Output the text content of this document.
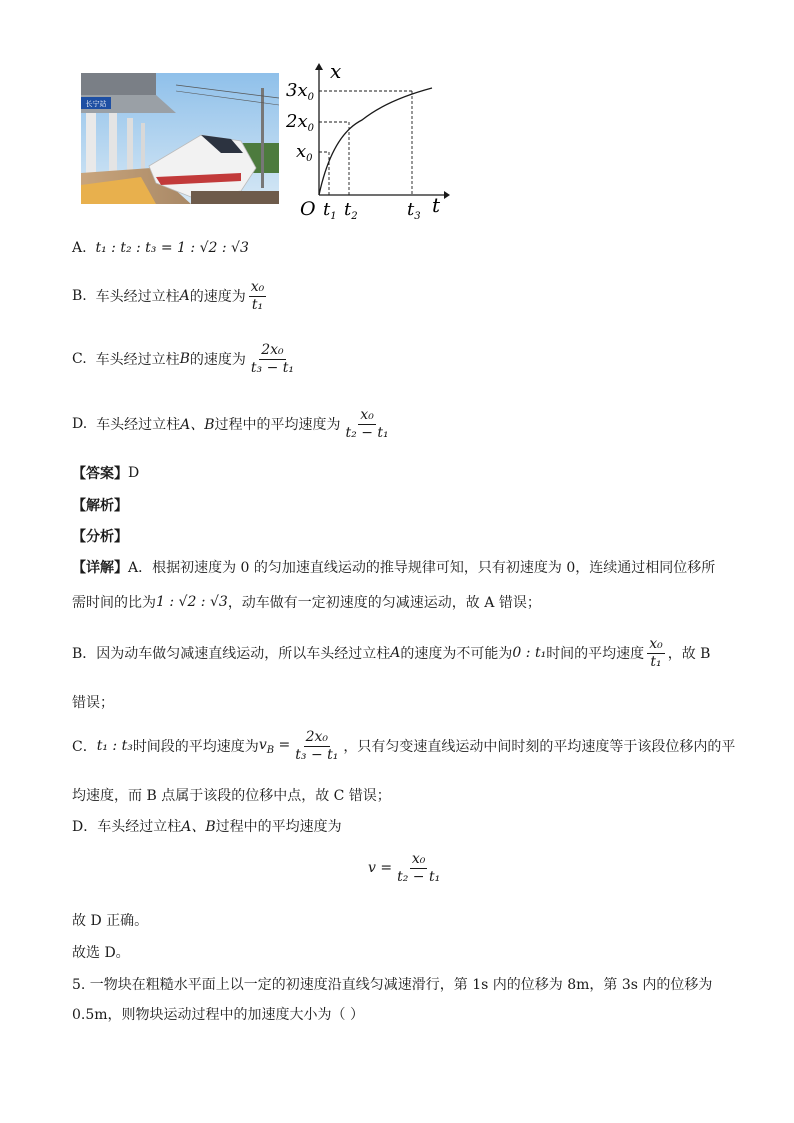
长宁站
x
t
O
$3x_0$
$2x_0$
$x_0$
$t_1$ $t_2$	$t_3$
A.
t₁ : t₂ : t₃ = 1 : √2 : √3
B.
车头经过立柱 A 的速度为 $\frac{\text{x₀}}{\text{t₁}}$
C.
车头经过立柱 B 的速度为 $\frac{\text{2x₀}}{\text{t₃ − t₁}}$
D.
车头经过立柱 A、B 过程中的平均速度为 $\frac{\text{x₀}}{\text{t₂ − t₁}}$
【答案】 D
【解析】
【分析】
【详解】 A．根据初速度为 0 的匀加速直线运动的推导规律可知，只有初速度为 0，连续通过相同位移所
需时间的比为 1 : √2 : √3 ，动车做有一定初速度的匀减速运动，故 A 错误；
B．因为动车做匀减速直线运动，所以车头经过立柱 A 的速度为不可能为 0 : t₁ 时间的平均速度 $\frac{\text{x₀}}{\text{t₁}}$ ，故 B
错误；
C． t₁ : t₃ 时间段的平均速度为 $v_B = \frac{\text{2x₀}}{\text{t₃ − t₁}}$ ，只有匀变速直线运动中间时刻的平均速度等于该段位移内的平
均速度，而 B 点属于该段的位移中点，故 C 错误；
D．车头经过立柱 A、B 过程中的平均速度为
$v = \frac{\text{x₀}}{\text{t₂ − t₁}}$
故 D 正确。
故选 D。
5. 一物块在粗糙水平面上以一定的初速度沿直线匀减速滑行，第 1s 内的位移为 8m，第 3s 内的位移为
0.5m，则物块运动过程中的加速度大小为（ ）
